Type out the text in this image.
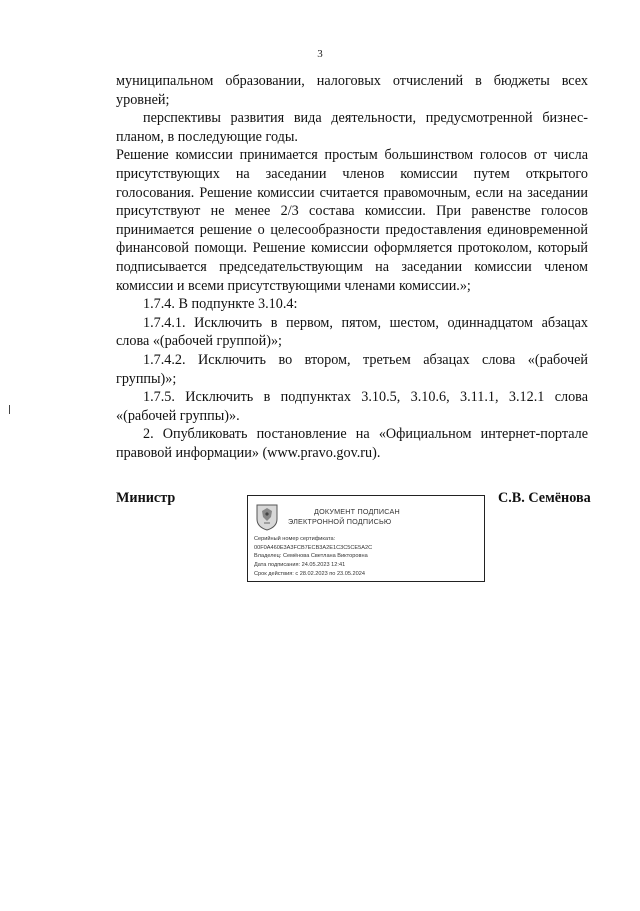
3

муниципальном образовании, налоговых отчислений в бюджеты всех уровней;

перспективы развития вида деятельности, предусмотренной бизнес-планом, в последующие годы.

Решение комиссии принимается простым большинством голосов от числа присутствующих на заседании членов комиссии путем открытого голосования. Решение комиссии считается правомочным, если на заседании присутствуют не менее 2/3 состава комиссии. При равенстве голосов принимается решение о целесообразности предоставления единовременной финансовой помощи. Решение комиссии оформляется протоколом, который подписывается председательствующим на заседании комиссии членом комиссии и всеми присутствующими членами комиссии.»;

1.7.4. В подпункте 3.10.4:

1.7.4.1. Исключить в первом, пятом, шестом, одиннадцатом абзацах слова «(рабочей группой)»;

1.7.4.2. Исключить во втором, третьем абзацах слова «(рабочей группы)»;

1.7.5. Исключить в подпунктах 3.10.5, 3.10.6, 3.11.1, 3.12.1 слова «(рабочей группы)».

2. Опубликовать постановление на «Официальном интернет-портале правовой информации» (www.pravo.gov.ru).

Министр
ДОКУМЕНТ ПОДПИСАН
ЭЛЕКТРОННОЙ ПОДПИСЬЮ
Серийный номер сертификата:
00F0A460E3A3FCB7ECB3A2E1C3C5CE5A2C
Владелец: Семёнова Светлана Викторовна
Дата подписания: 24.05.2023 12:41
Срок действия: с 28.02.2023 по 23.05.2024
С.В. Семёнова
